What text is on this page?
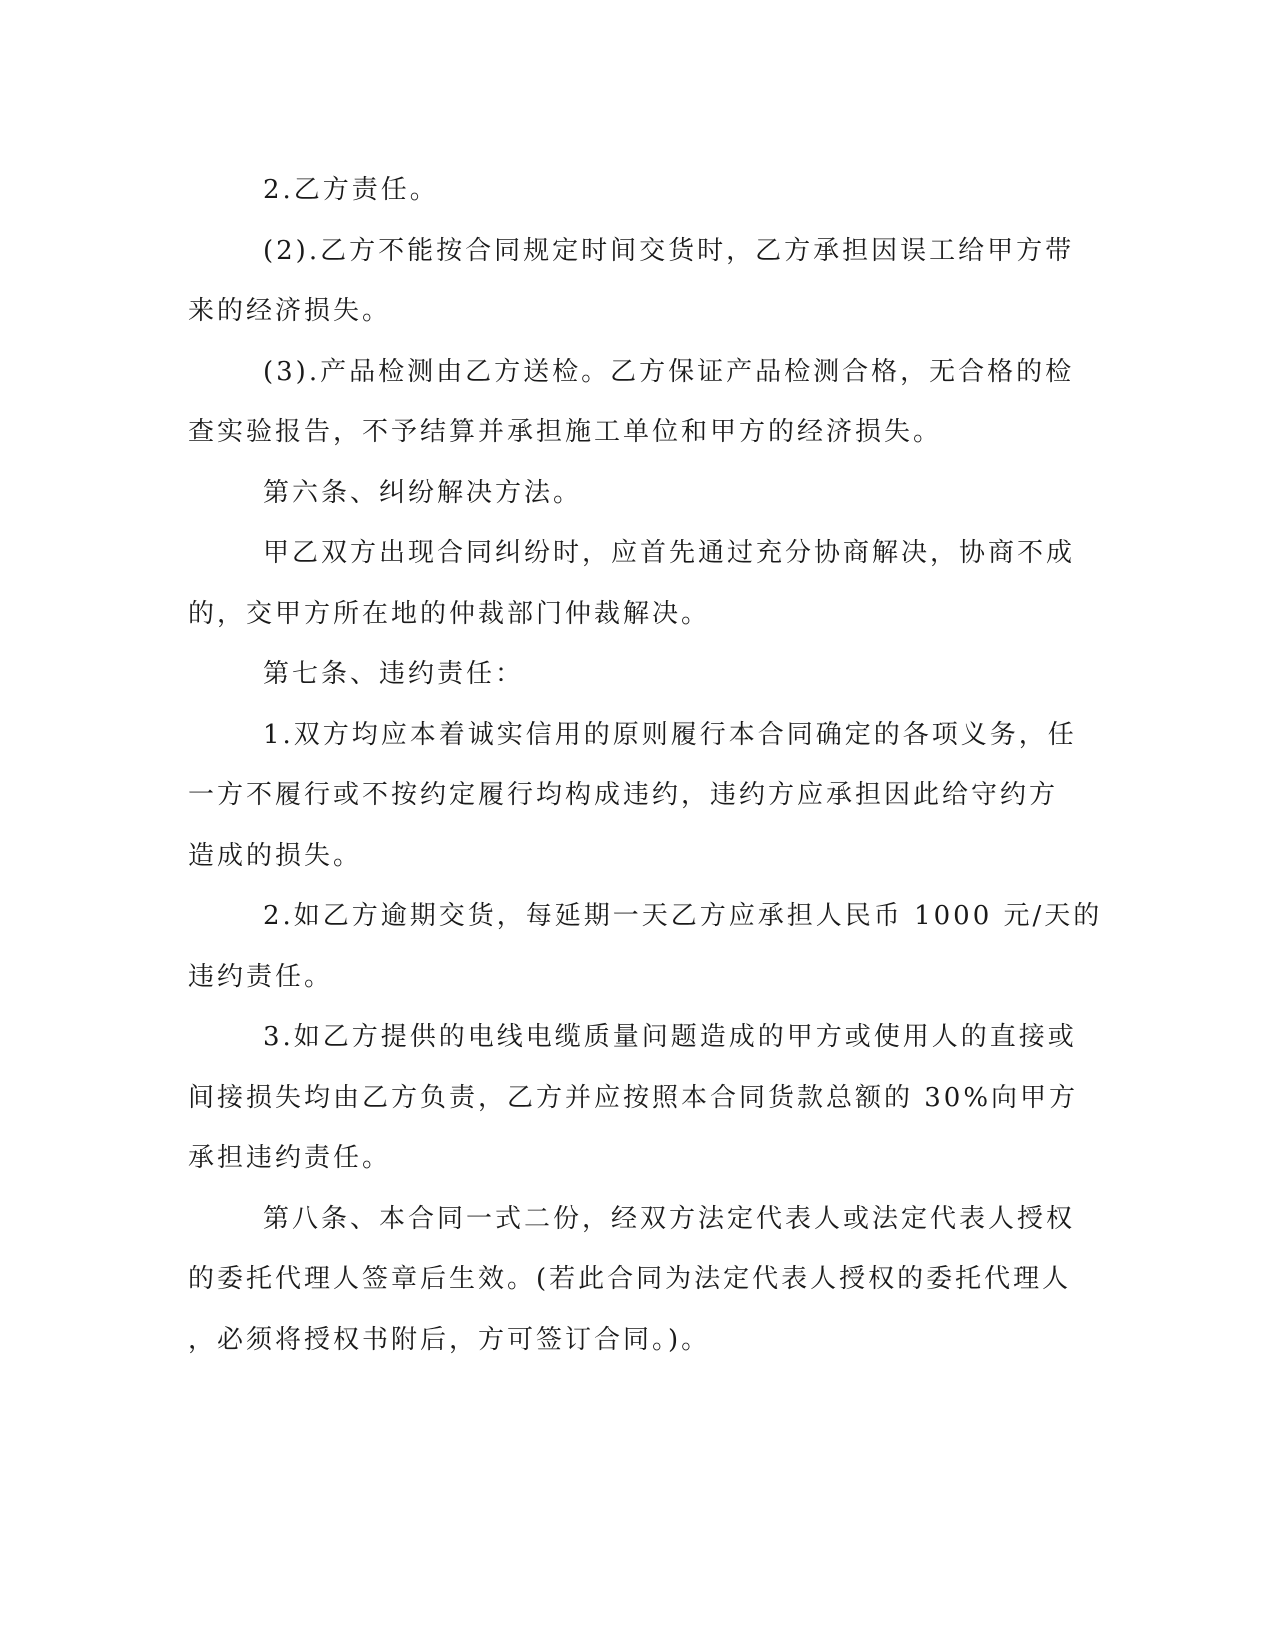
2.乙方责任。
(2).乙方不能按合同规定时间交货时，乙方承担因误工给甲方带
来的经济损失。
(3).产品检测由乙方送检。乙方保证产品检测合格，无合格的检
查实验报告，不予结算并承担施工单位和甲方的经济损失。
第六条、纠纷解决方法。
甲乙双方出现合同纠纷时，应首先通过充分协商解决，协商不成
的，交甲方所在地的仲裁部门仲裁解决。
第七条、违约责任：
1.双方均应本着诚实信用的原则履行本合同确定的各项义务，任
一方不履行或不按约定履行均构成违约，违约方应承担因此给守约方
造成的损失。
2.如乙方逾期交货，每延期一天乙方应承担人民币 1000 元/天的
违约责任。
3.如乙方提供的电线电缆质量问题造成的甲方或使用人的直接或
间接损失均由乙方负责，乙方并应按照本合同货款总额的 30%向甲方
承担违约责任。
第八条、本合同一式二份，经双方法定代表人或法定代表人授权
的委托代理人签章后生效。(若此合同为法定代表人授权的委托代理人
，必须将授权书附后，方可签订合同。)。
